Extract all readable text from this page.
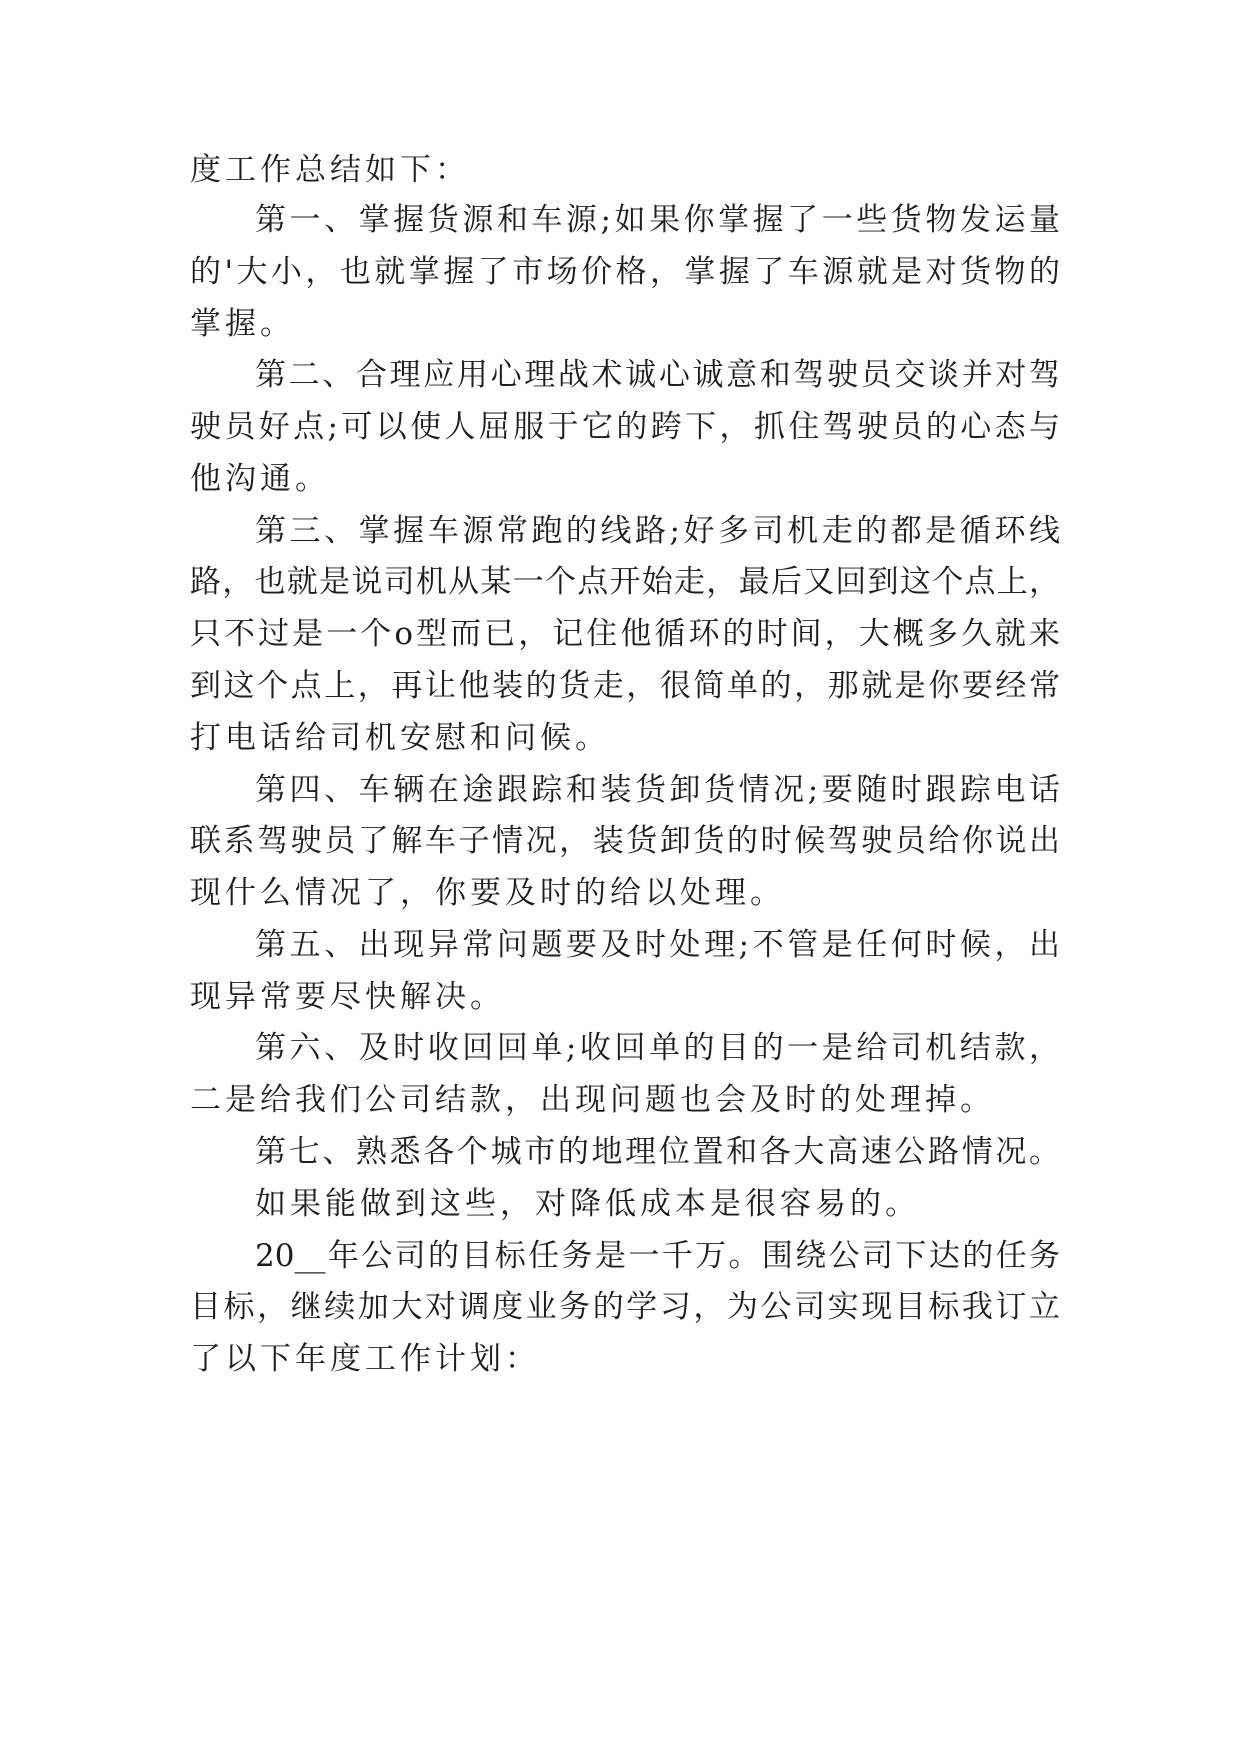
度工作总结如下：

第一、掌握货源和车源;如果你掌握了一些货物发运量

的'大小，也就掌握了市场价格，掌握了车源就是对货物的

掌握。

第二、合理应用心理战术诚心诚意和驾驶员交谈并对驾

驶员好点;可以使人屈服于它的跨下，抓住驾驶员的心态与

他沟通。

第三、掌握车源常跑的线路;好多司机走的都是循环线

路，也就是说司机从某一个点开始走，最后又回到这个点上，

只不过是一个o型而已，记住他循环的时间，大概多久就来

到这个点上，再让他装的货走，很简单的，那就是你要经常

打电话给司机安慰和问候。

第四、车辆在途跟踪和装货卸货情况;要随时跟踪电话

联系驾驶员了解车子情况，装货卸货的时候驾驶员给你说出

现什么情况了，你要及时的给以处理。

第五、出现异常问题要及时处理;不管是任何时候，出

现异常要尽快解决。

第六、及时收回回单;收回单的目的一是给司机结款，

二是给我们公司结款，出现问题也会及时的处理掉。

第七、熟悉各个城市的地理位置和各大高速公路情况。

如果能做到这些，对降低成本是很容易的。

20__年公司的目标任务是一千万。围绕公司下达的任务

目标，继续加大对调度业务的学习，为公司实现目标我订立

了以下年度工作计划：
